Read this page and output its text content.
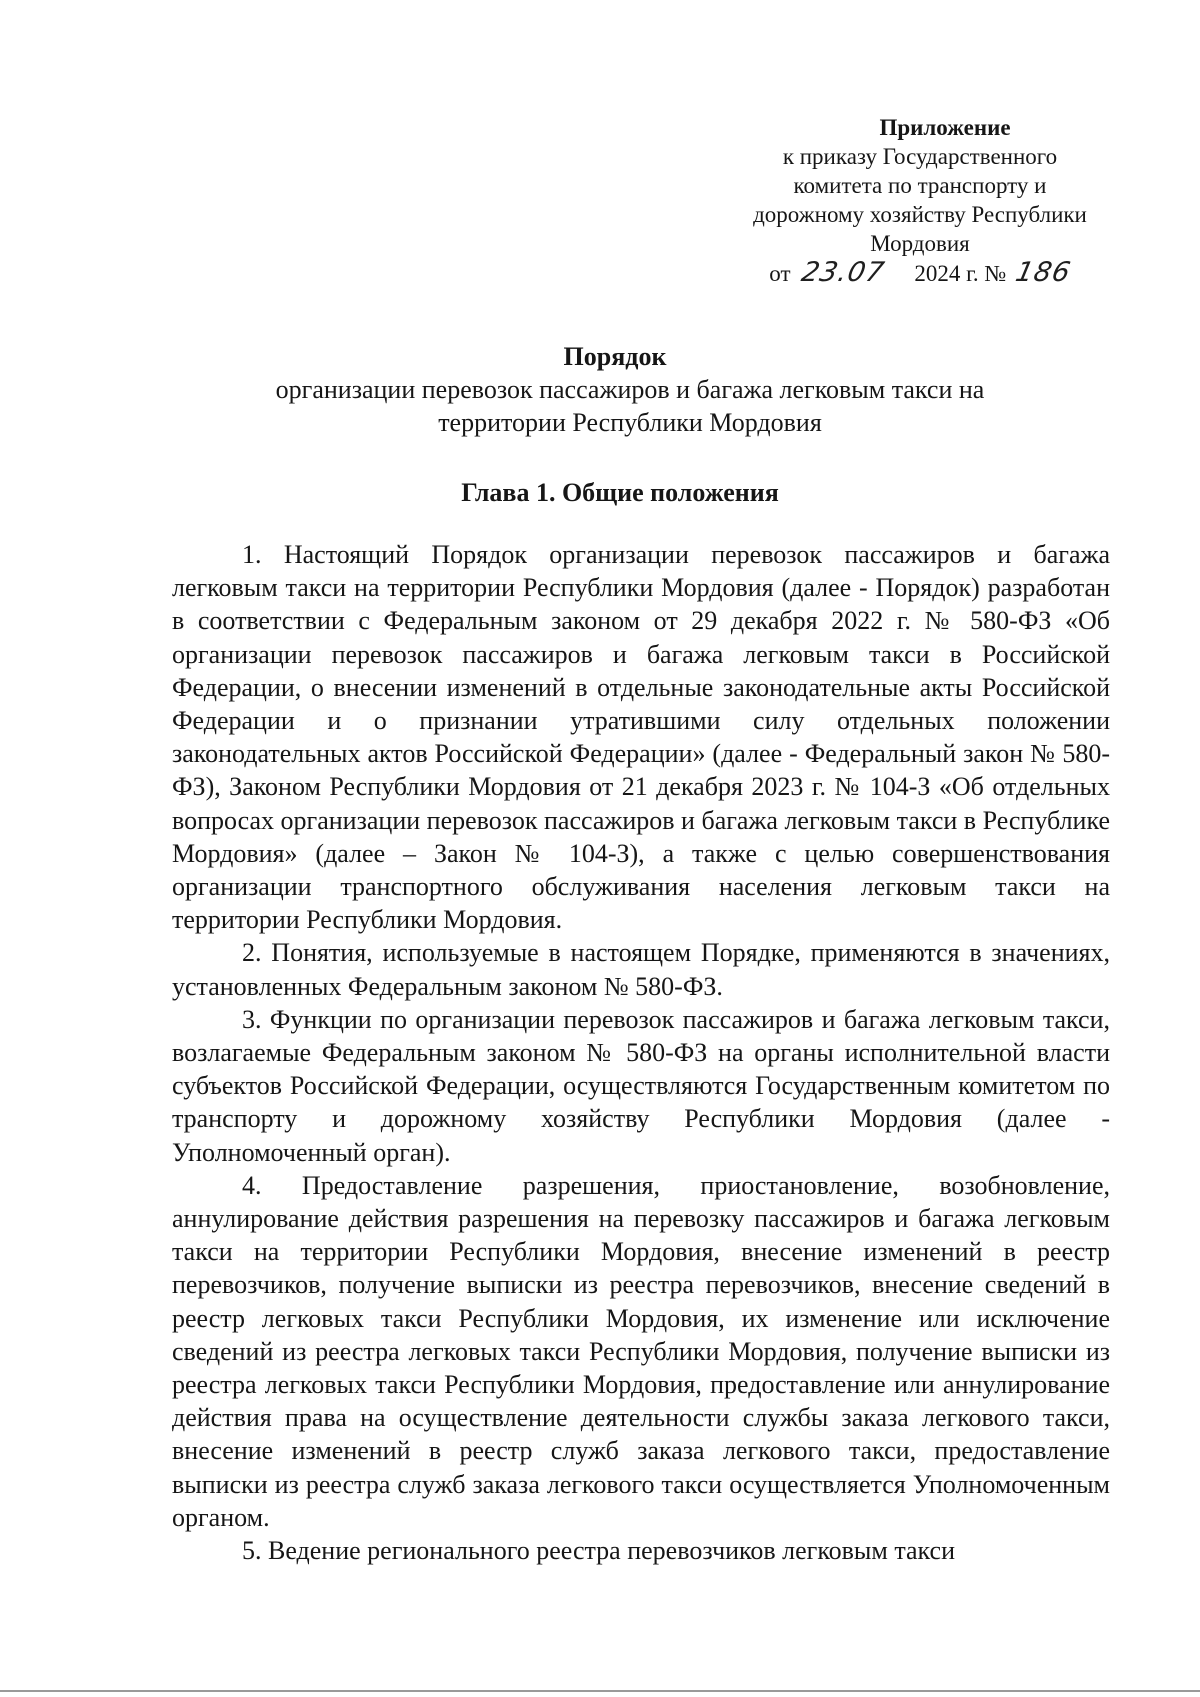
Приложение
к приказу Государственного
комитета по транспорту и
дорожному хозяйству Республики
Мордовия
от 23.07 2024 г. № 186

Порядок

организации перевозок пассажиров и багажа легковым такси на

территории Республики Мордовия

Глава 1. Общие положения

1. Настоящий Порядок организации перевозок пассажиров и багажа легковым такси на территории Республики Мордовия (далее - Порядок) разработан в соответствии с Федеральным законом от 29 декабря 2022 г. № 580-ФЗ «Об организации перевозок пассажиров и багажа легковым такси в Российской Федерации, о внесении изменений в отдельные законодательные акты Российской Федерации и о признании утратившими силу отдельных положении законодательных актов Российской Федерации» (далее - Федеральный закон № 580-ФЗ), Законом Республики Мордовия от 21 декабря 2023 г. № 104-З «Об отдельных вопросах организации перевозок пассажиров и багажа легковым такси в Республике Мордовия» (далее – Закон № 104-З), а также с целью совершенствования организации транспортного обслуживания населения легковым такси на территории Республики Мордовия.

2. Понятия, используемые в настоящем Порядке, применяются в значениях, установленных Федеральным законом № 580-ФЗ.

3. Функции по организации перевозок пассажиров и багажа легковым такси, возлагаемые Федеральным законом № 580-ФЗ на органы исполнительной власти субъектов Российской Федерации, осуществляются Государственным комитетом по транспорту и дорожному хозяйству Республики Мордовия (далее - Уполномоченный орган).

4. Предоставление разрешения, приостановление, возобновление, аннулирование действия разрешения на перевозку пассажиров и багажа легковым такси на территории Республики Мордовия, внесение изменений в реестр перевозчиков, получение выписки из реестра перевозчиков, внесение сведений в реестр легковых такси Республики Мордовия, их изменение или исключение сведений из реестра легковых такси Республики Мордовия, получение выписки из реестра легковых такси Республики Мордовия, предоставление или аннулирование действия права на осуществление деятельности службы заказа легкового такси, внесение изменений в реестр служб заказа легкового такси, предоставление выписки из реестра служб заказа легкового такси осуществляется Уполномоченным органом.

5. Ведение регионального реестра перевозчиков легковым такси
